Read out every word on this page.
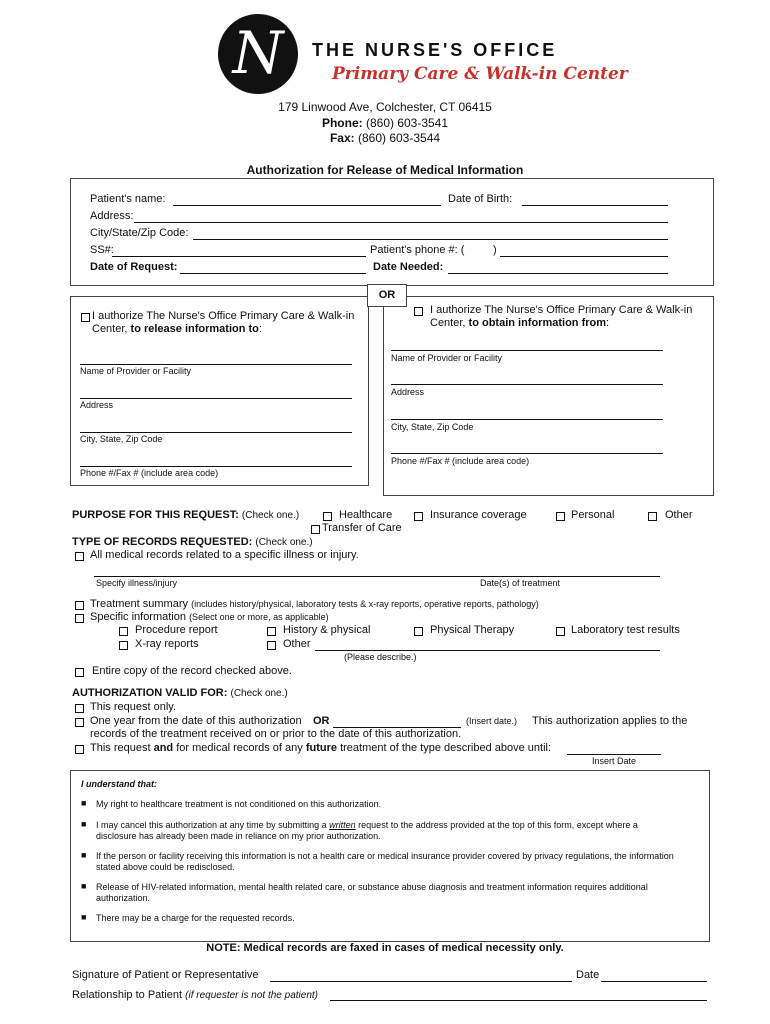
N	THE NURSE'S OFFICE
Primary Care & Walk-in Center
179 Linwood Ave, Colchester, CT 06415
Phone: (860) 603-3541
Fax: (860) 603-3544
Authorization for Release of Medical Information
Patient's name:	Date of Birth:
Address:
City/State/Zip Code:
SS#:	Patient's phone #: (	)
Date of Request:	Date Needed:
OR
I authorize The Nurse's Office Primary Care & Walk-in Center, to release information to:
Name of Provider or Facility
Address
City, State, Zip Code
Phone #/Fax # (include area code)
I authorize The Nurse's Office Primary Care & Walk-in Center, to obtain information from:
Name of Provider or Facility
Address
City, State, Zip Code
Phone #/Fax # (include area code)
PURPOSE FOR THIS REQUEST: (Check one.)	Healthcare	Insurance coverage	Personal	Other
Transfer of Care
TYPE OF RECORDS REQUESTED: (Check one.)
All medical records related to a specific illness or injury.
Specify illness/injury	Date(s) of treatment
Treatment summary (includes history/physical, laboratory tests & x-ray reports, operative reports, pathology)
Specific information (Select one or more, as applicable)
Procedure report	History & physical	Physical Therapy	Laboratory test results
X-ray reports	Other
(Please describe.)
Entire copy of the record checked above.
AUTHORIZATION VALID FOR: (Check one.)
This request only.
One year from the date of this authorization OR	(Insert date.) This authorization applies to the
records of the treatment received on or prior to the date of this authorization.
This request and for medical records of any future treatment of the type described above until:
Insert Date
I understand that:
■ My right to healthcare treatment is not conditioned on this authorization.
■ I may cancel this authorization at any time by submitting a written request to the address provided at the top of this form, except where a disclosure has already been made in reliance on my prior authorization.
■ If the person or facility receiving this information is not a health care or medical insurance provider covered by privacy regulations, the information stated above could be redisclosed.
■ Release of HIV-related information, mental health related care, or substance abuse diagnosis and treatment information requires additional authorization.
■ There may be a charge for the requested records.
NOTE: Medical records are faxed in cases of medical necessity only.
Signature of Patient or Representative	Date
Relationship to Patient (if requester is not the patient)
